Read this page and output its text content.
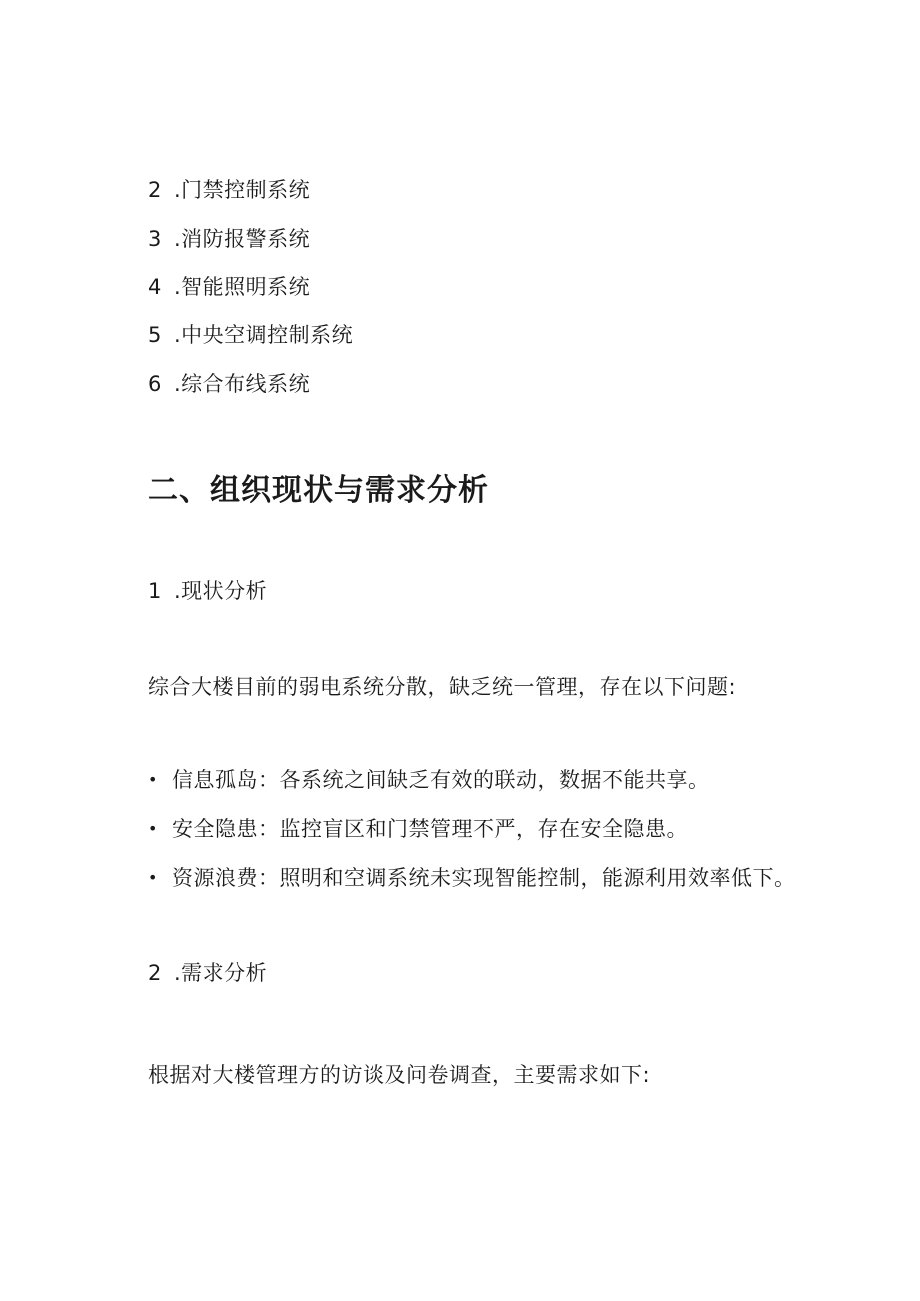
2 .门禁控制系统
3 .消防报警系统
4 .智能照明系统
5 .中央空调控制系统
6 .综合布线系统
二、组织现状与需求分析
1 .现状分析
综合大楼目前的弱电系统分散，缺乏统一管理，存在以下问题:
• 信息孤岛：各系统之间缺乏有效的联动，数据不能共享。
• 安全隐患：监控盲区和门禁管理不严，存在安全隐患。
• 资源浪费：照明和空调系统未实现智能控制，能源利用效率低下。
2 .需求分析
根据对大楼管理方的访谈及问卷调查，主要需求如下:
